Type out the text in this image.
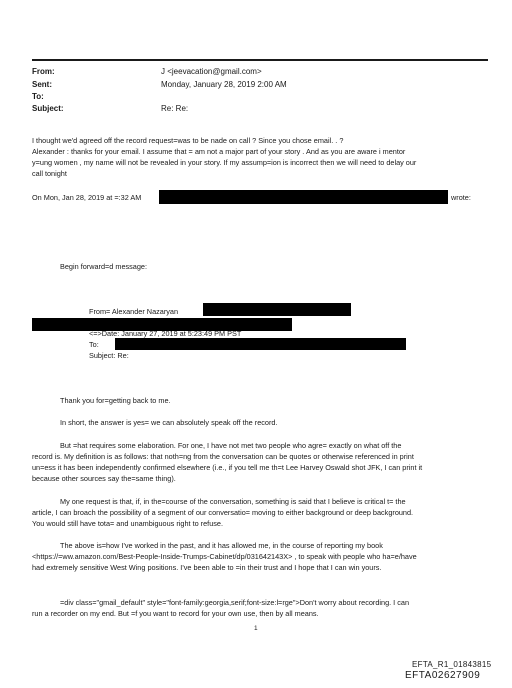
From:	J <jeevacation@gmail.com>
Sent:	Monday, January 28, 2019 2:00 AM
To:
Subject:	Re: Re:
I thought we'd agreed off the record request=was to be nade on call ? Since you chose email. . ?
Alexander : thanks for your email. I assume that = am not a major part of your story . And as you are aware i mentor
y=ung women , my name will not be revealed in your story. If my assump=ion is incorrect then we will need to delay our
call tonight
On Mon, Jan 28, 2019 at =:32 AM	wrote:
Begin forward=d message:
From= Alexander Nazaryan
<=>Date: January 27, 2019 at 5:23:49 PM PST
To:
Subject: Re:
Thank you for=getting back to me.
In short, the answer is yes= we can absolutely speak off the record.
But =hat requires some elaboration. For one, I have not met two people who agre= exactly on what off the
record is. My definition is as follows: that noth=ng from the conversation can be quotes or otherwise referenced in print
un=ess it has been independently confirmed elsewhere (i.e., if you tell me th=t Lee Harvey Oswald shot JFK, I can print it
because other sources say the=same thing).
My one request is that, if, in the=course of the conversation, something is said that I believe is critical t= the
article, I can broach the possibility of a segment of our conversatio= moving to either background or deep background.
You would still have tota= and unambiguous right to refuse.
The above is=how I've worked in the past, and it has allowed me, in the course of reporting my book
<https://=ww.amazon.com/Best-People-Inside-Trumps-Cabinet/dp/031642143X> , to speak with people who ha=e/have
had extremely sensitive West Wing positions. I've been able to =in their trust and I hope that I can win yours.
=div class="gmail_default" style="font-family:georgia,serif;font-size:l=rge">Don't worry about recording. I can
run a recorder on my end. But =f you want to record for your own use, then by all means.
1
EFTA_R1_01843815
EFTA02627909
